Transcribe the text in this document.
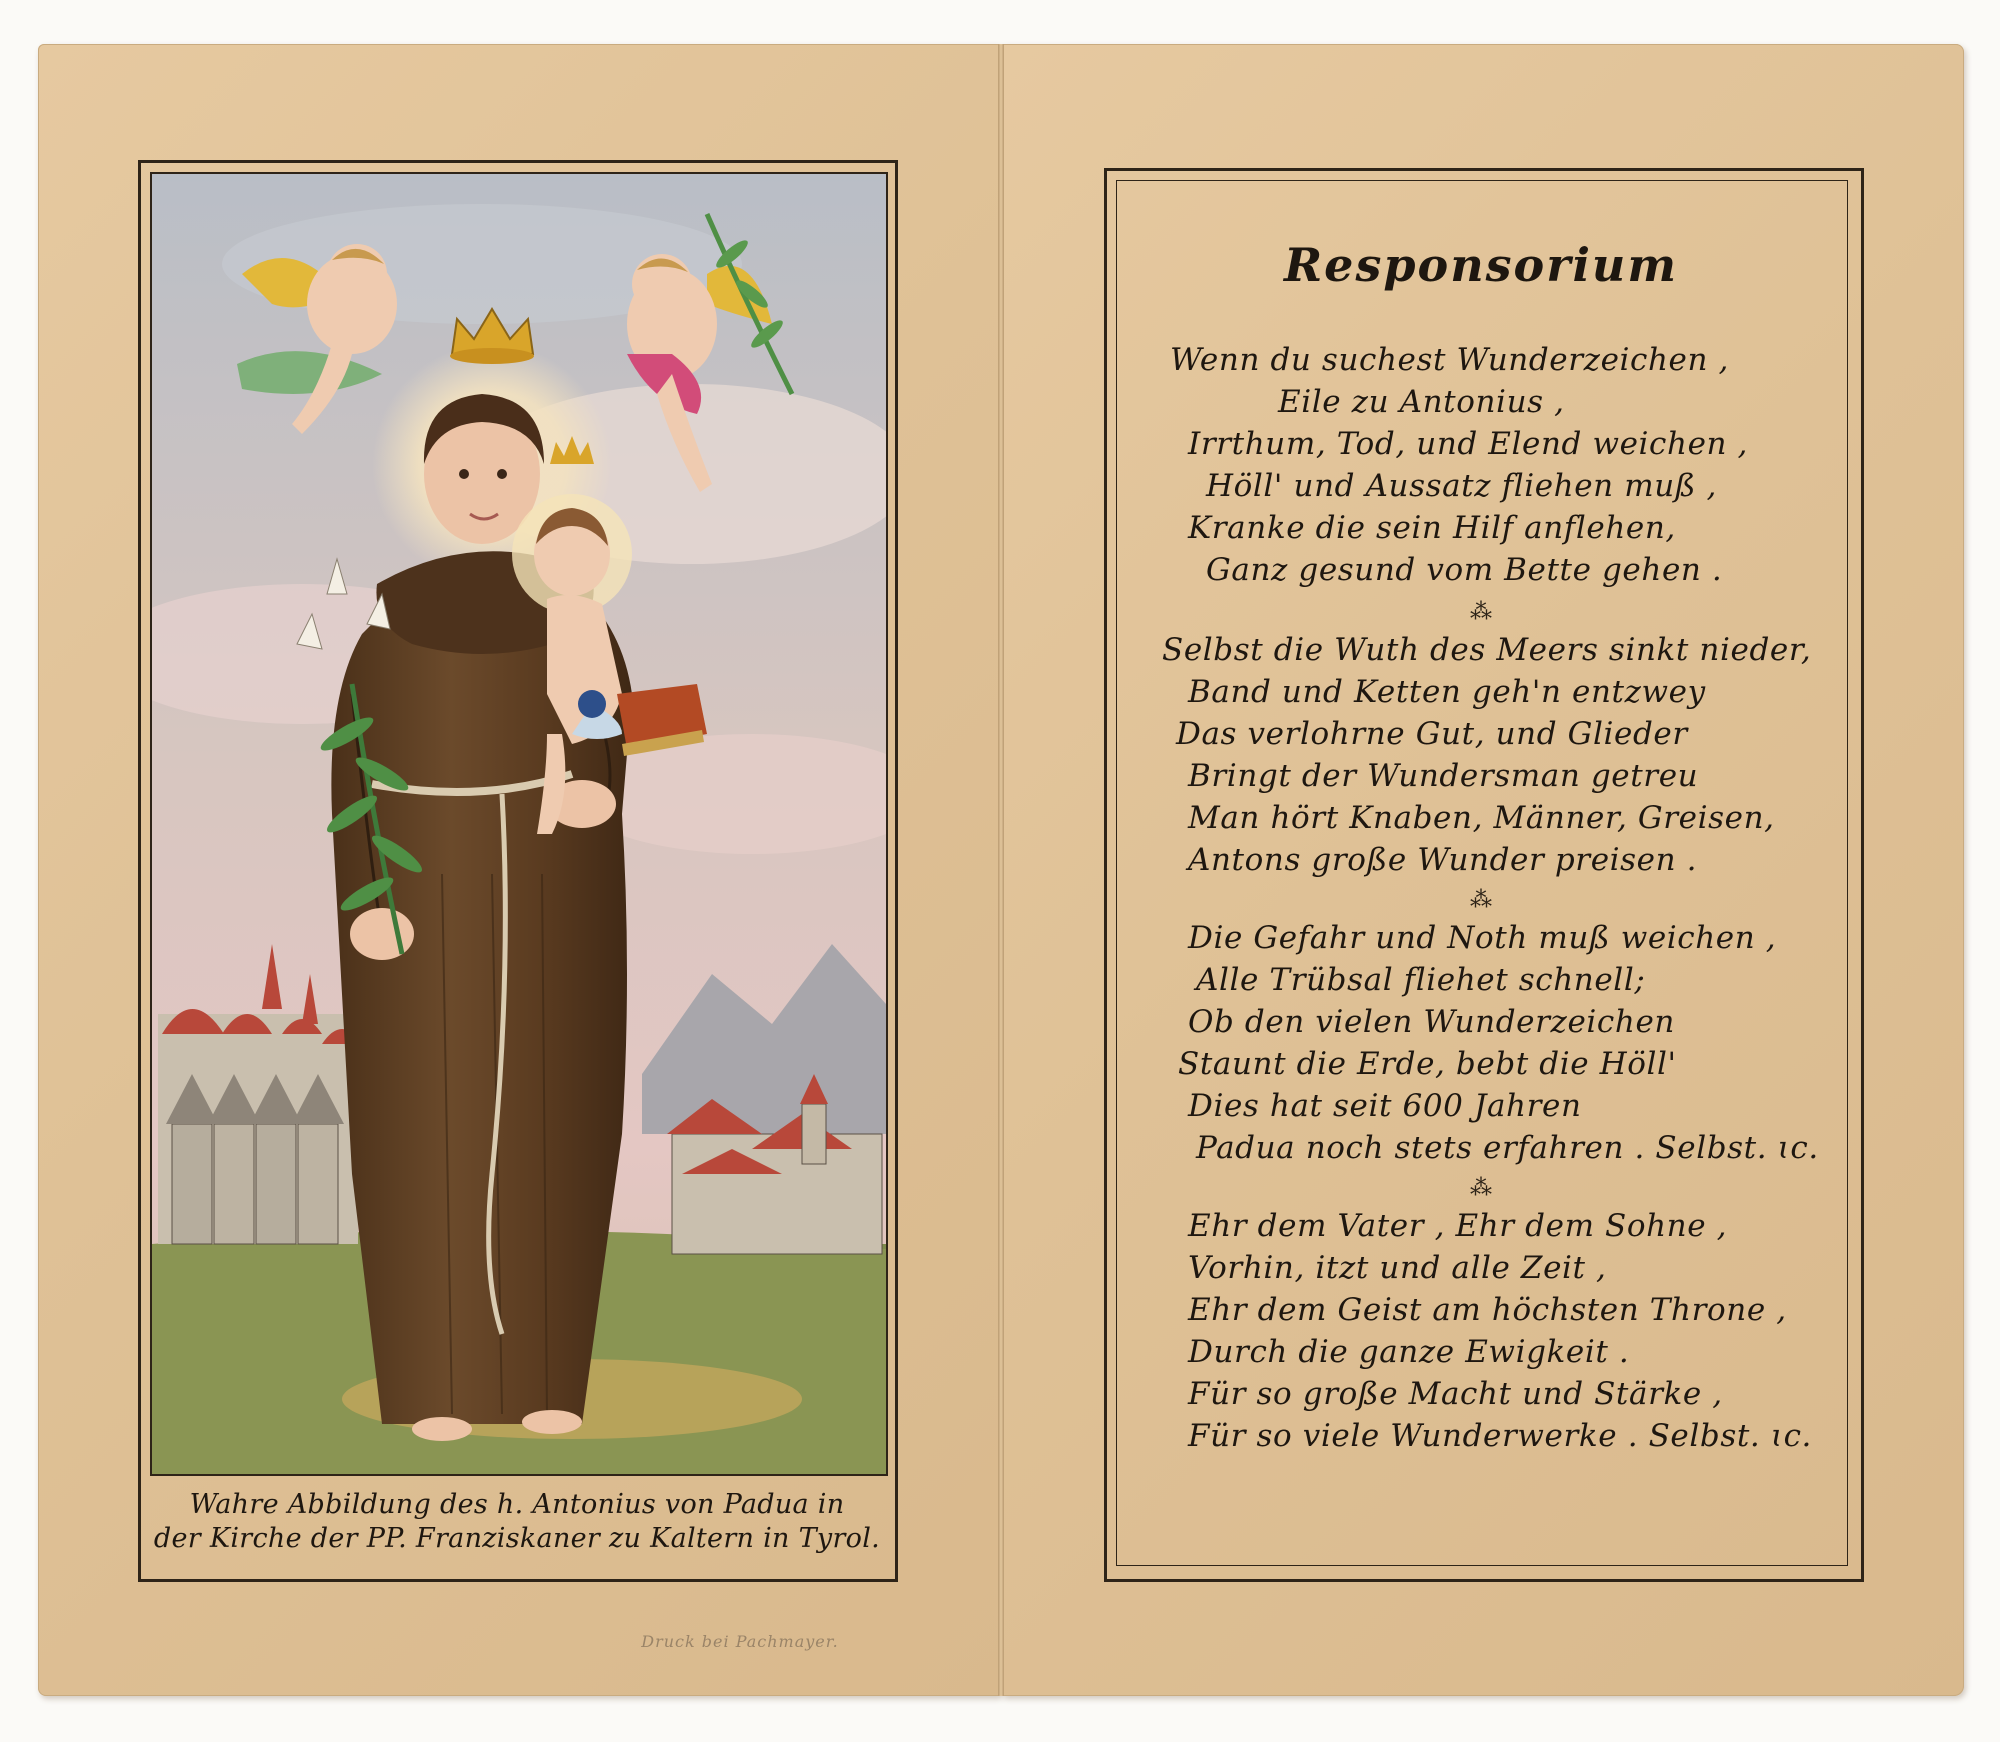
Wahre Abbildung des h. Antonius von Padua in
der Kirche der PP. Franziskaner zu Kaltern in Tyrol.
Druck bei Pachmayer.
Responsorium
Wenn du suchest Wunderzeichen ,
Eile zu Antonius ,
Irrthum, Tod, und Elend weichen ,
Höll' und Aussatz fliehen muß ,
Kranke die sein Hilf anflehen,
Ganz gesund vom Bette gehen .
⁂
Selbst die Wuth des Meers sinkt nieder,
Band und Ketten geh'n entzwey
Das verlohrne Gut, und Glieder
Bringt der Wundersman getreu
Man hört Knaben, Männer, Greisen,
Antons große Wunder preisen .
⁂
Die Gefahr und Noth muß weichen ,
Alle Trübsal fliehet schnell;
Ob den vielen Wunderzeichen
Staunt die Erde, bebt die Höll'
Dies hat seit 600 Jahren
Padua noch stets erfahren . Selbst. ɩc.
⁂
Ehr dem Vater , Ehr dem Sohne ,
Vorhin, itzt und alle Zeit ,
Ehr dem Geist am höchsten Throne ,
Durch die ganze Ewigkeit .
Für so große Macht und Stärke ,
Für so viele Wunderwerke . Selbst. ɩc.
